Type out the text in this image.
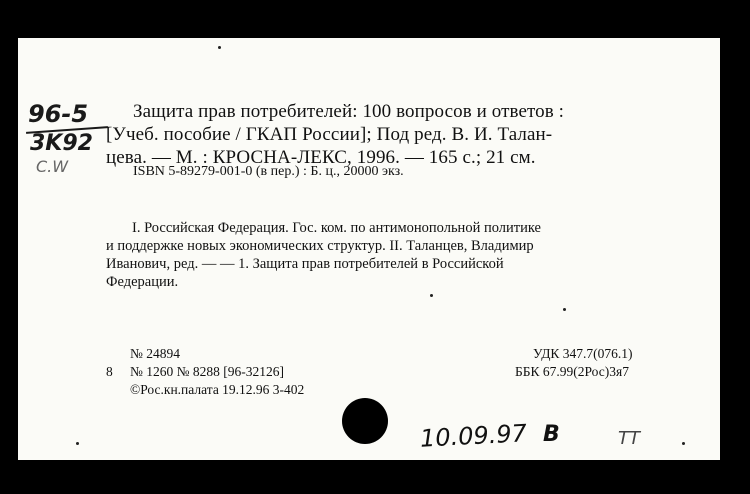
96-5
3K92
C.W

Защита прав потребителей: 100 вопросов и ответов :

[Учеб. пособие / ГКАП России]; Под ред. В. И. Талан-

цева. — М. : КРОСНА-ЛЕКС, 1996. — 165 с.; 21 см.

ISBN 5-89279-001-0 (в пер.) : Б. ц., 20000 экз.

I. Российская Федерация. Гос. ком. по антимонопольной политике

и поддержке новых экономических структур. II. Таланцев, Владимир

Иванович, ред. — — 1. Защита прав потребителей в Российской

Федерации.

№ 24894

8 № 1260 № 8288 [96-32126]

©Рос.кн.палата 19.12.96 3-402

УДК 347.7(076.1)

ББК 67.99(2Рос)3я7

10.09.97 B	TT
